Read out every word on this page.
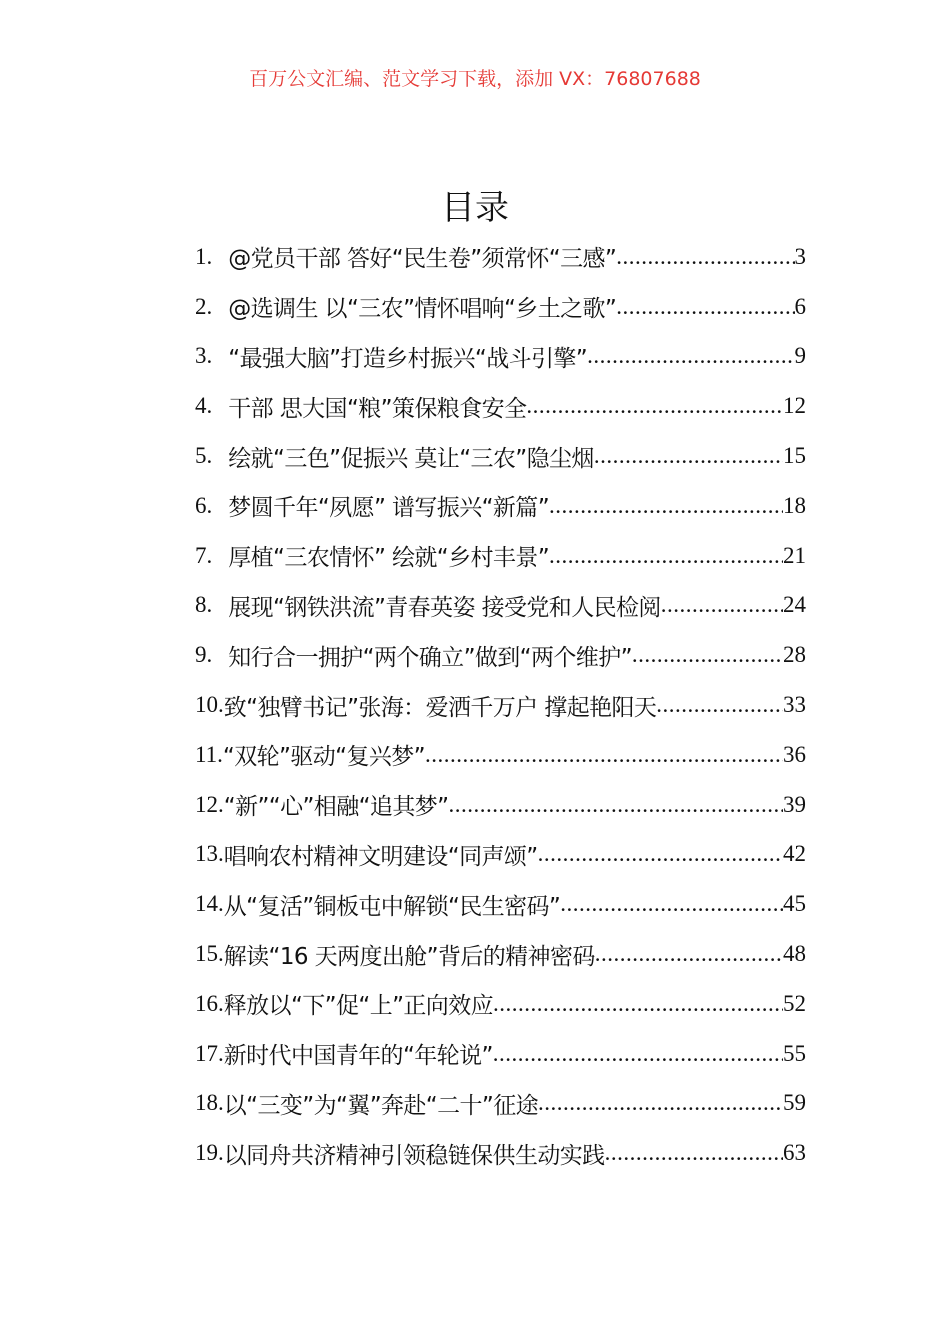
百万公文汇编、范文学习下载，添加 VX：76807688
目录
1. @党员干部 答好“民生卷”须常怀“三感” .....	3
2. @选调生 以“三农”情怀唱响“乡土之歌” .....	6
3. “最强大脑”打造乡村振兴“战斗引擎” .....	9
4. 干部 思大国“粮”策保粮食安全 .....	12
5. 绘就“三色”促振兴 莫让“三农”隐尘烟 .....	15
6. 梦圆千年“夙愿” 谱写振兴“新篇” .....	18
7. 厚植“三农情怀” 绘就“乡村丰景” .....	21
8. 展现“钢铁洪流”青春英姿 接受党和人民检阅 .....	24
9. 知行合一拥护“两个确立”做到“两个维护” .....	28
10. 致“独臂书记”张海：爱洒千万户 撑起艳阳天 .....	33
11. “双轮”驱动“复兴梦” .....	36
12. “新”“心”相融“追其梦” .....	39
13. 唱响农村精神文明建设“同声颂” .....	42
14. 从“复活”铜板屯中解锁“民生密码” .....	45
15. 解读“16 天两度出舱”背后的精神密码 .....	48
16. 释放以“下”促“上”正向效应 .....	52
17. 新时代中国青年的“年轮说” .....	55
18. 以“三变”为“翼”奔赴“二十”征途 .....	59
19. 以同舟共济精神引领稳链保供生动实践 .....	63
